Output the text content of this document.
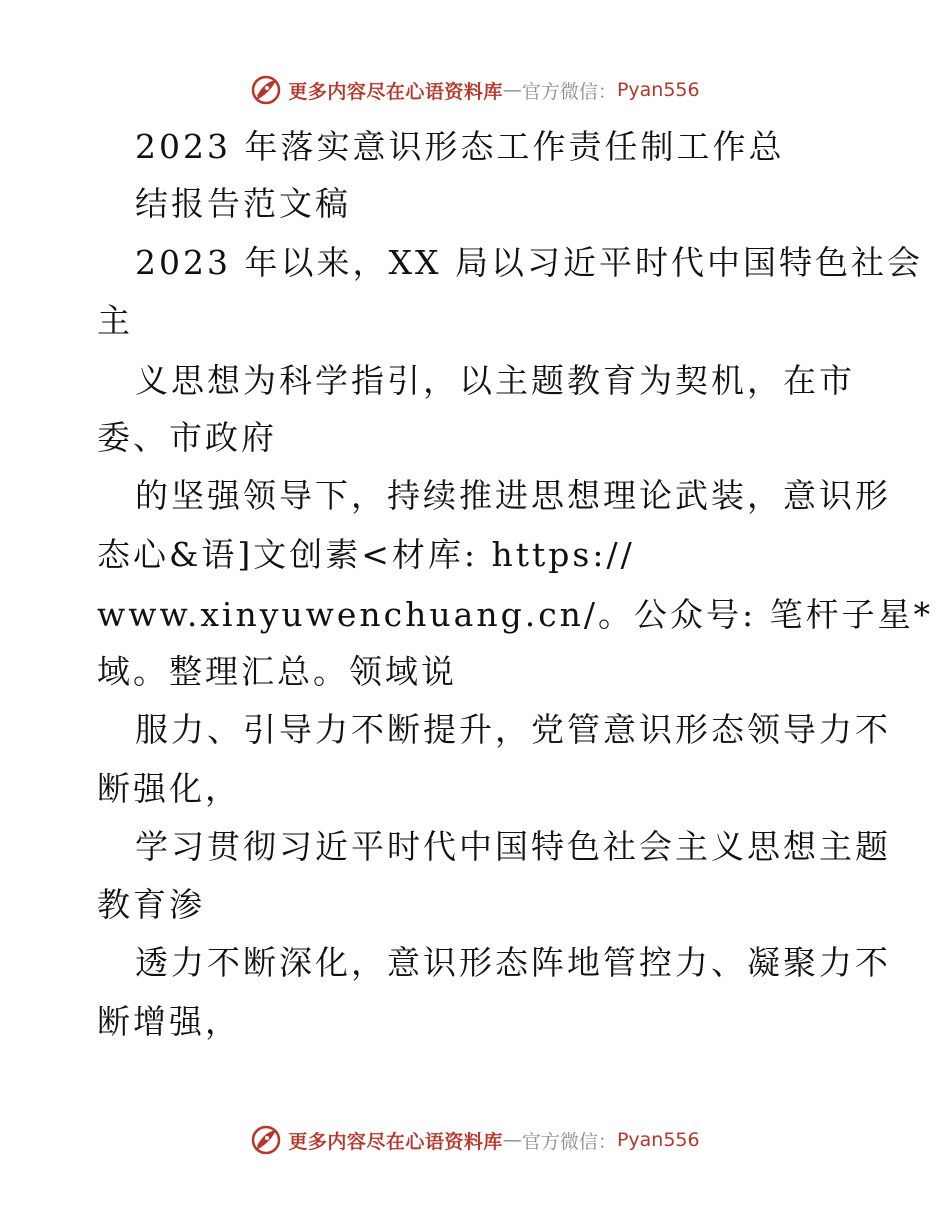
更多内容尽在心语资料库 — 官方微信： Pyan556
2023 年落实意识形态工作责任制工作总
结报告范文稿
2023 年以来，XX 局以习近平时代中国特色社会
主
义思想为科学指引，以主题教育为契机，在市
委、市政府
的坚强领导下，持续推进思想理论武装，意识形
态心&语]文创素<材库: https://
www.xinyuwenchuang.cn/。公众号: 笔杆子星*
域。整理汇总。领域说
服力、引导力不断提升，党管意识形态领导力不
断强化，
学习贯彻习近平时代中国特色社会主义思想主题
教育渗
透力不断深化，意识形态阵地管控力、凝聚力不
断增强，
更多内容尽在心语资料库 — 官方微信： Pyan556
